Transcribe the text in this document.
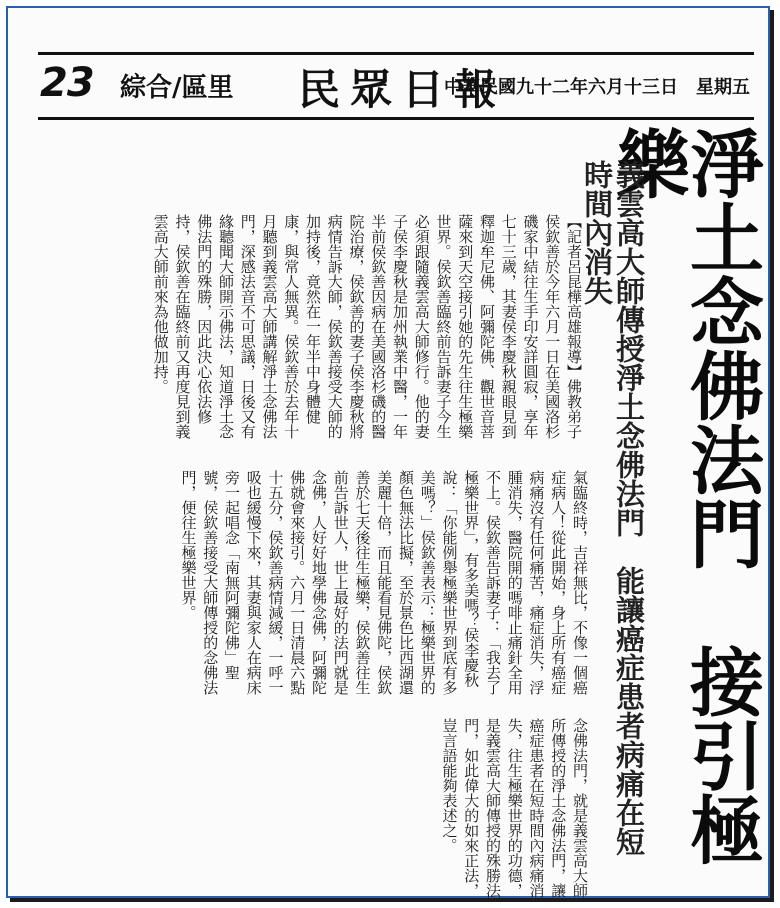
23 綜合/區里 民眾日報
中華民國九十二年六月十三日　星期五
淨土念佛法門　接引極樂
義雲高大師傳授淨土念佛法門　能讓癌症患者病痛在短時間內消失
【記者呂昆樺高雄報導】佛教弟子侯欽善於今年六月一日在美國洛杉磯家中結往生手印安詳圓寂，享年七十三歲，其妻侯李慶秋親眼見到釋迦牟尼佛、阿彌陀佛、觀世音菩薩來到天空接引她的先生往生極樂世界。侯欽善臨終前告訴妻子今生必須跟隨義雲高大師修行。他的妻子侯李慶秋是加州執業中醫，一年半前侯欽善因病在美國洛杉磯的醫院治療，侯欽善的妻子侯李慶秋將病情告訴大師，侯欽善接受大師的加持後，竟然在一年半中身體健康，與常人無異。侯欽善於去年十月聽到義雲高大師講解淨土念佛法門，深感法音不可思議，日後又有緣聽聞大師開示佛法，知道淨土念佛法門的殊勝，因此決心依法修持，侯欽善在臨終前又再度見到義雲高大師前來為他做加持。
氣臨終時，吉祥無比，不像一個癌症病人！從此開始，身上所有癌症病痛沒有任何痛苦，痛症消失，浮腫消失，醫院開的嗎啡止痛針全用不上。侯欽善告訴妻子：「我去了極樂世界」，有多美嗎？侯李慶秋說：「你能例舉極樂世界到底有多美嗎？」侯欽善表示：極樂世界的顏色無法比擬，至於景色比西湖還美麗十倍，而且能看見佛陀，侯欽善於七天後往生極樂，侯欽善往生前告訴世人，世上最好的法門就是念佛，人好好地學佛念佛，阿彌陀佛就會來接引。六月一日清晨六點十五分，侯欽善病情減緩，一呼一吸也緩慢下來，其妻與家人在病床旁一起唱念「南無阿彌陀佛」聖號，侯欽善接受大師傳授的念佛法門，便往生極樂世界。
念佛法門，就是義雲高大師所傳授的淨土念佛法門，讓癌症患者在短時間內病痛消失，往生極樂世界的功德，是義雲高大師傳授的殊勝法門，如此偉大的如來正法，豈言語能夠表述之。
